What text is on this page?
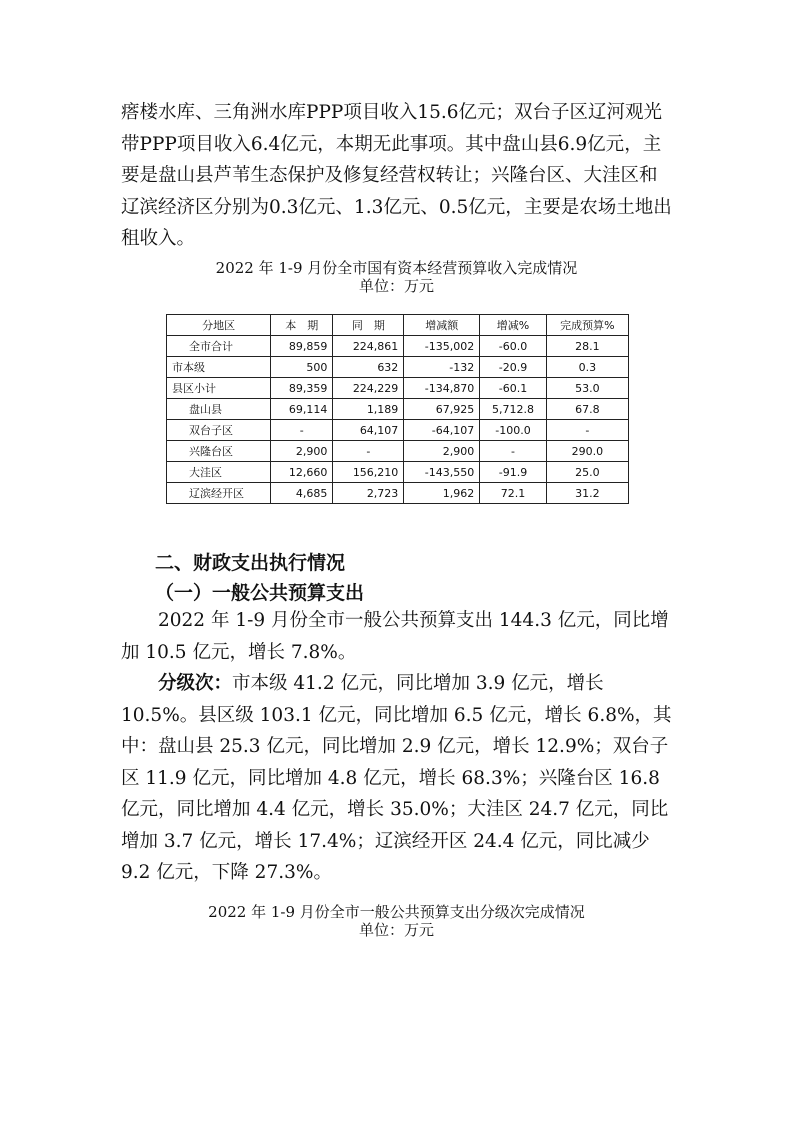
瘩楼水库、三角洲水库PPP项目收入15.6亿元；双台子区辽河观光带PPP项目收入6.4亿元，本期无此事项。其中盘山县6.9亿元，主要是盘山县芦苇生态保护及修复经营权转让；兴隆台区、大洼区和辽滨经济区分别为0.3亿元、1.3亿元、0.5亿元，主要是农场土地出租收入。

2022 年 1-9 月份全市国有资本经营预算收入完成情况

单位：万元

分地区	本　期	同　期	增减额	增减%	完成预算%
全市合计	89,859	224,861	-135,002	-60.0	28.1
市本级	500	632	-132	-20.9	0.3
县区小计	89,359	224,229	-134,870	-60.1	53.0
盘山县	69,114	1,189	67,925	5,712.8	67.8
双台子区	-	64,107	-64,107	-100.0	-
兴隆台区	2,900	-	2,900	-	290.0
大洼区	12,660	156,210	-143,550	-91.9	25.0
辽滨经开区	4,685	2,723	1,962	72.1	31.2

二、财政支出执行情况

（一）一般公共预算支出

2022 年 1-9 月份全市一般公共预算支出 144.3 亿元，同比增加 10.5 亿元，增长 7.8%。

分级次：市本级 41.2 亿元，同比增加 3.9 亿元，增长 10.5%。县区级 103.1 亿元，同比增加 6.5 亿元，增长 6.8%，其中：盘山县 25.3 亿元，同比增加 2.9 亿元，增长 12.9%；双台子区 11.9 亿元，同比增加 4.8 亿元，增长 68.3%；兴隆台区 16.8 亿元，同比增加 4.4 亿元，增长 35.0%；大洼区 24.7 亿元，同比增加 3.7 亿元，增长 17.4%；辽滨经开区 24.4 亿元，同比减少 9.2 亿元，下降 27.3%。

2022 年 1-9 月份全市一般公共预算支出分级次完成情况

单位：万元
